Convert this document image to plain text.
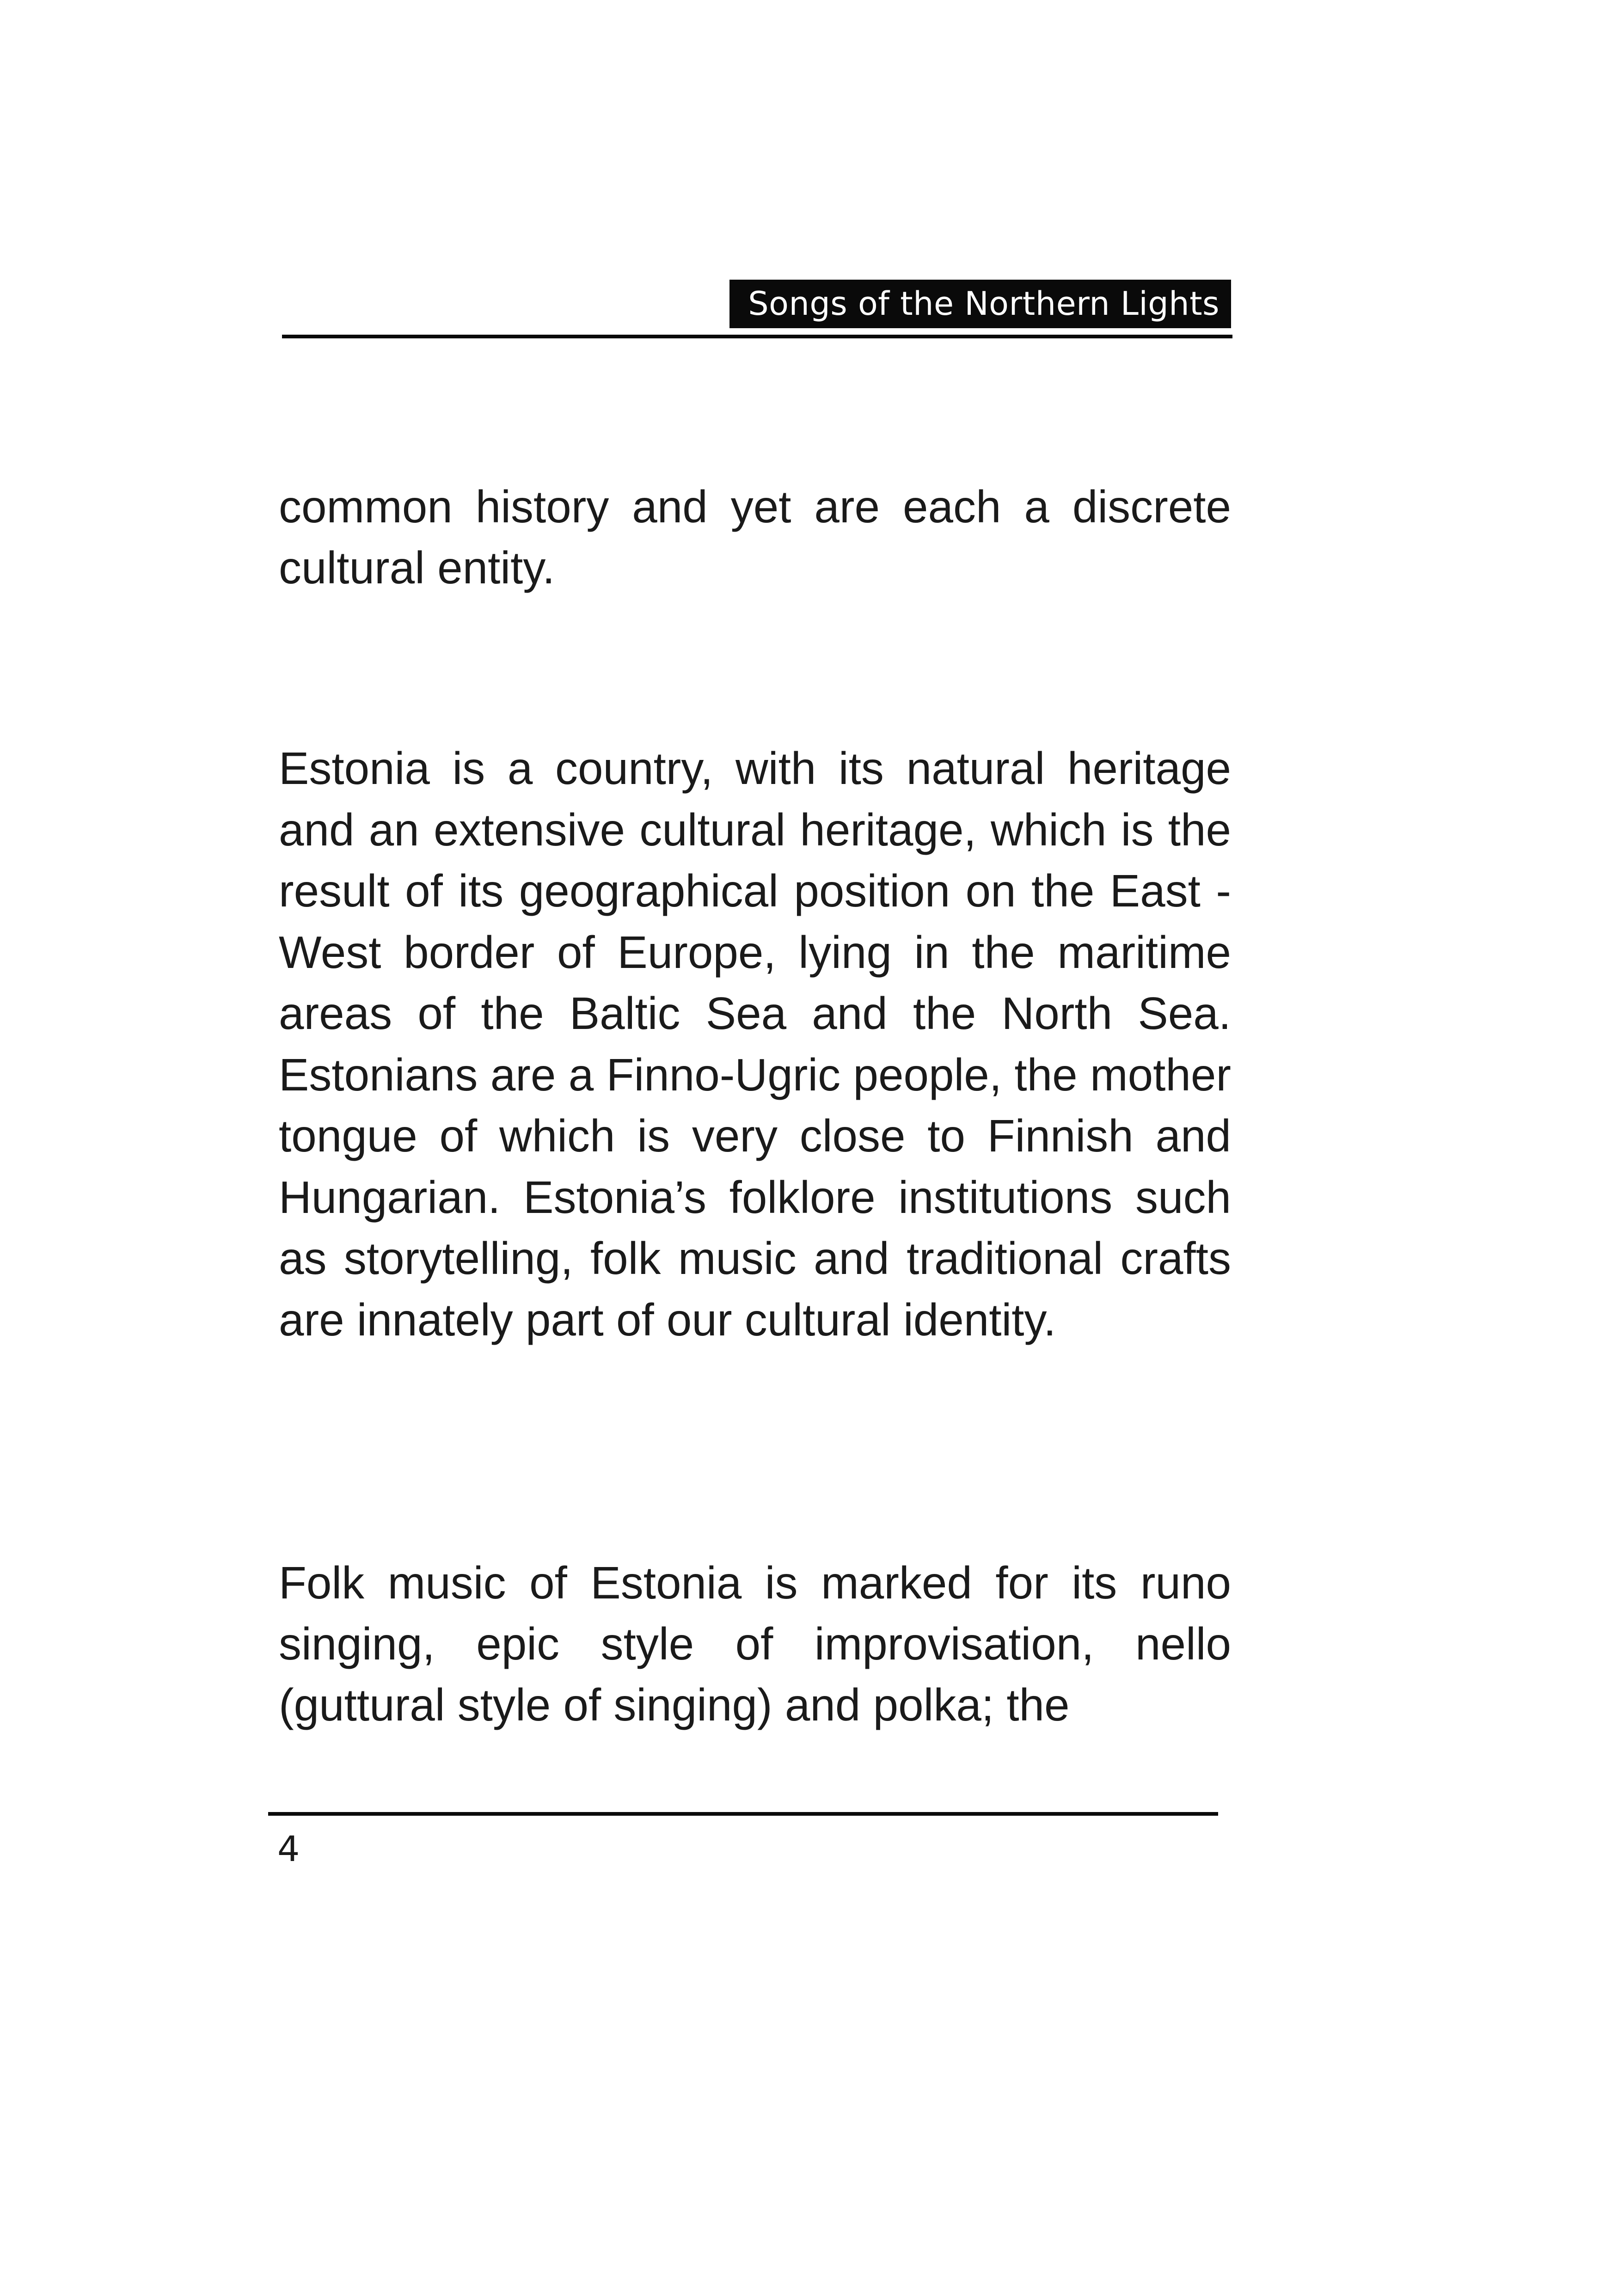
Songs of the Northern Lights

common history and yet are each a discrete cultural entity.

Estonia is a country, with its natural heritage and an extensive cultural heritage, which is the result of its geographical position on the East - West border of Europe, lying in the maritime areas of the Baltic Sea and the North Sea. Estonians are a Finno-Ugric people, the mother tongue of which is very close to Finnish and Hungarian. Estonia’s folklore institutions such as storytelling, folk music and traditional crafts are innately part of our cultural identity.

Folk music of Estonia is marked for its runo singing, epic style of improvisation, nello (guttural style of singing) and polka; the

4
